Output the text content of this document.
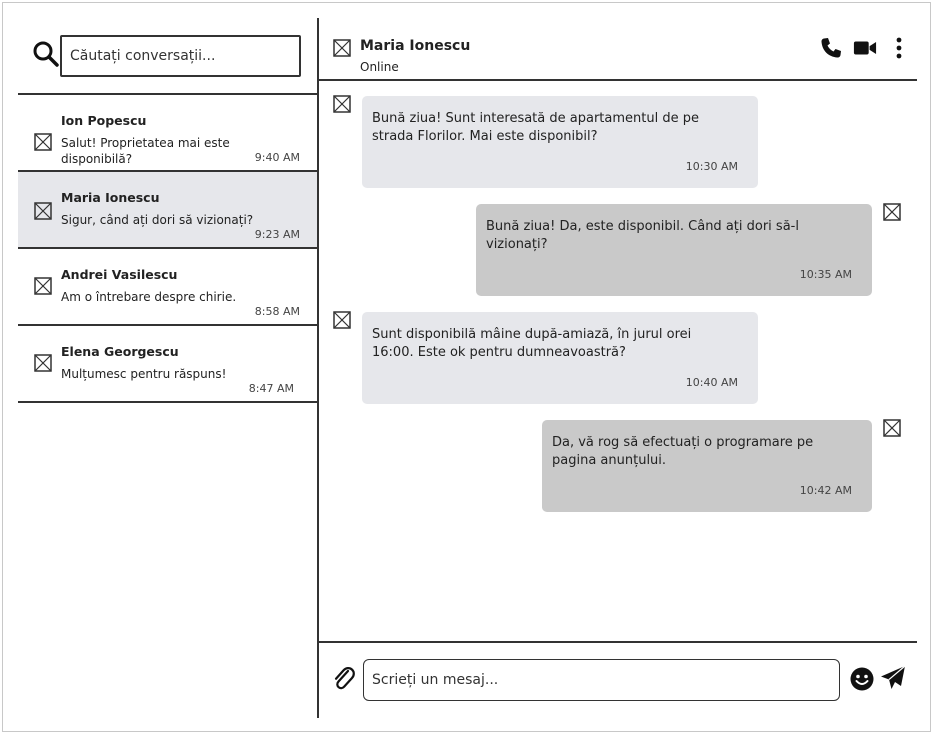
Căutați conversații...
Ion Popescu
Salut! Proprietatea mai este disponibilă?	9:40 AM
Maria Ionescu
Sigur, când ați dori să vizionați?
9:23 AM
Andrei Vasilescu
Am o întrebare despre chirie.
8:58 AM
Elena Georgescu
Mulțumesc pentru răspuns!
8:47 AM
Maria Ionescu
Online
Bună ziua! Sunt interesată de apartamentul de pe strada Florilor. Mai este disponibil?
10:30 AM
Bună ziua! Da, este disponibil. Când ați dori să-l vizionați?
10:35 AM
Sunt disponibilă mâine după-amiază, în jurul orei 16:00. Este ok pentru dumneavoastră?
10:40 AM
Da, vă rog să efectuați o programare pe pagina anunțului.
10:42 AM
Scrieți un mesaj...
